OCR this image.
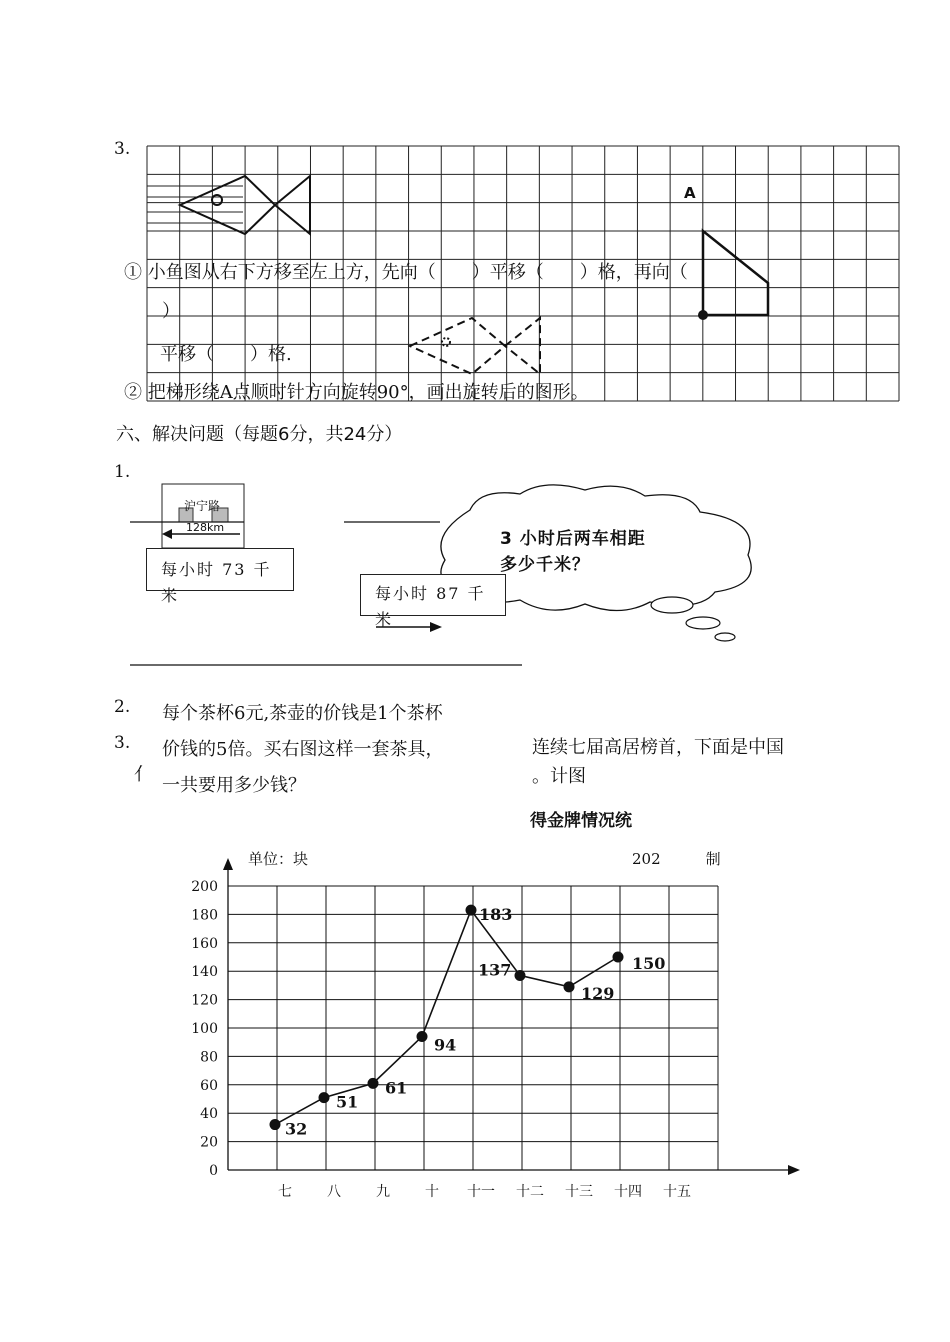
3.
A
① 小鱼图从右下方移至左上方，先向（　　）平移（　　）格，再向（
）
平移（　　）格.
② 把梯形绕A点顺时针方向旋转90°，画出旋转后的图形。
六、解决问题（每题6分，共24分）
1.
沪宁路
128km
每小时 73 千米	每小时 87 千米
3 小时后两车相距
多少千米？
2. 每个茶杯6元,茶壶的价钱是1个茶杯
价钱的5倍。买右图这样一套茶具，
一共要用多少钱？
3.
亻
连续七届高居榜首，下面是中国
计图。
得金牌情况统
单位：块	202　　　制
0
20
40
60
80
100
120
140
160
180
200
七	八	九	十 十一 十二 十三 十四 十五
32
51
61
94
183
137
129
150
